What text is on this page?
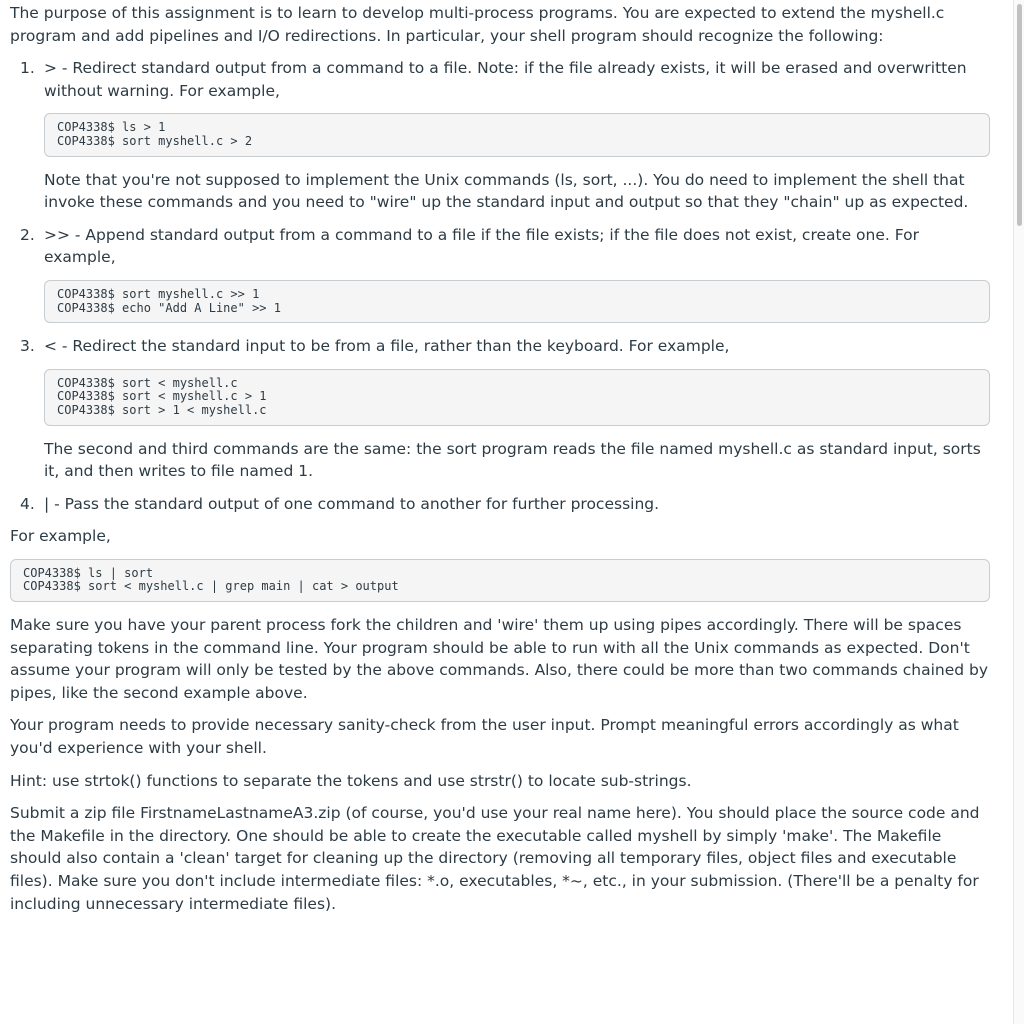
The purpose of this assignment is to learn to develop multi-process programs. You are expected to extend the myshell.c program and add pipelines and I/O redirections. In particular, your shell program should recognize the following:

1. > - Redirect standard output from a command to a file. Note: if the file already exists, it will be erased and overwritten without warning. For example,

COP4338$ ls > 1
COP4338$ sort myshell.c > 2

Note that you're not supposed to implement the Unix commands (ls, sort, ...). You do need to implement the shell that invoke these commands and you need to "wire" up the standard input and output so that they "chain" up as expected.

2. >> - Append standard output from a command to a file if the file exists; if the file does not exist, create one. For example,

COP4338$ sort myshell.c >> 1
COP4338$ echo "Add A Line" >> 1
3. < - Redirect the standard input to be from a file, rather than the keyboard. For example,

COP4338$ sort < myshell.c
COP4338$ sort < myshell.c > 1
COP4338$ sort > 1 < myshell.c

The second and third commands are the same: the sort program reads the file named myshell.c as standard input, sorts it, and then writes to file named 1.

4. | - Pass the standard output of one command to another for further processing.

For example,

COP4338$ ls | sort
COP4338$ sort < myshell.c | grep main | cat > output

Make sure you have your parent process fork the children and 'wire' them up using pipes accordingly. There will be spaces separating tokens in the command line. Your program should be able to run with all the Unix commands as expected. Don't assume your program will only be tested by the above commands. Also, there could be more than two commands chained by pipes, like the second example above.

Your program needs to provide necessary sanity-check from the user input. Prompt meaningful errors accordingly as what you'd experience with your shell.

Hint: use strtok() functions to separate the tokens and use strstr() to locate sub-strings.

Submit a zip file FirstnameLastnameA3.zip (of course, you'd use your real name here). You should place the source code and the Makefile in the directory. One should be able to create the executable called myshell by simply 'make'. The Makefile should also contain a 'clean' target for cleaning up the directory (removing all temporary files, object files and executable files). Make sure you don't include intermediate files: *.o, executables, *~, etc., in your submission. (There'll be a penalty for including unnecessary intermediate files).
